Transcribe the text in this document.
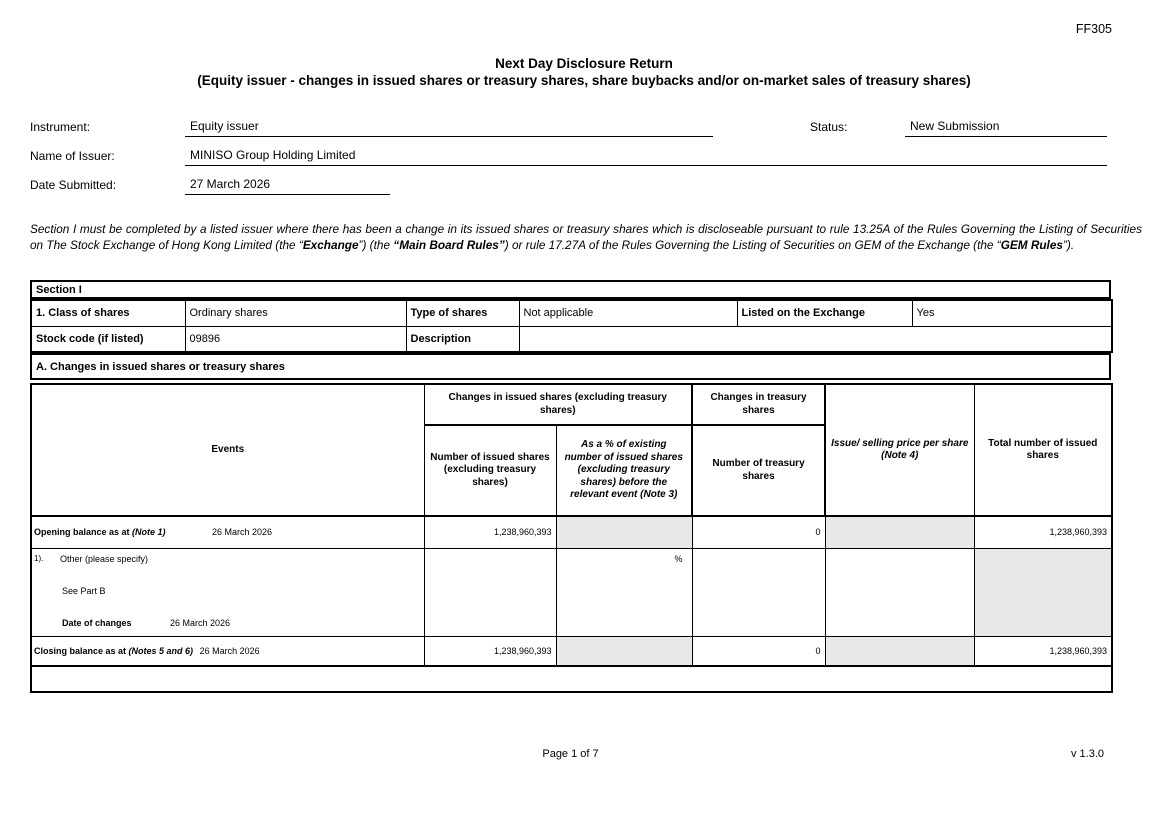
FF305
Next Day Disclosure Return
(Equity issuer - changes in issued shares or treasury shares, share buybacks and/or on-market sales of treasury shares)
Instrument:	Equity issuer	Status:	New Submission
Name of Issuer:	MINISO Group Holding Limited
Date Submitted:	27 March 2026
Section I must be completed by a listed issuer where there has been a change in its issued shares or treasury shares which is discloseable pursuant to rule 13.25A of the Rules Governing the Listing of Securities on The Stock Exchange of Hong Kong Limited (the “Exchange”) (the “Main Board Rules”) or rule 17.27A of the Rules Governing the Listing of Securities on GEM of the Exchange (the “GEM Rules”).
Section I
1. Class of shares	Ordinary shares	Type of shares	Not applicable	Listed on the Exchange	Yes
Stock code (if listed)	09896	Description			
A. Changes in issued shares or treasury shares
Events	Changes in issued shares (excluding treasury shares)		Changes in treasury shares	Issue/ selling price per share (Note 4)	Total number of issued shares
	Number of issued shares (excluding treasury shares)	As a % of existing number of issued shares (excluding treasury shares) before the relevant event (Note 3)	Number of treasury shares		
Opening balance as at (Note 1) 26 March 2026	1,238,960,393		0		1,238,960,393

1). Other (please specify)
See Part B
Date of changes 26 March 2026		%			
Closing balance as at (Notes 5 and 6) 26 March 2026	1,238,960,393		0		1,238,960,393

Page 1 of 7	v 1.3.0
